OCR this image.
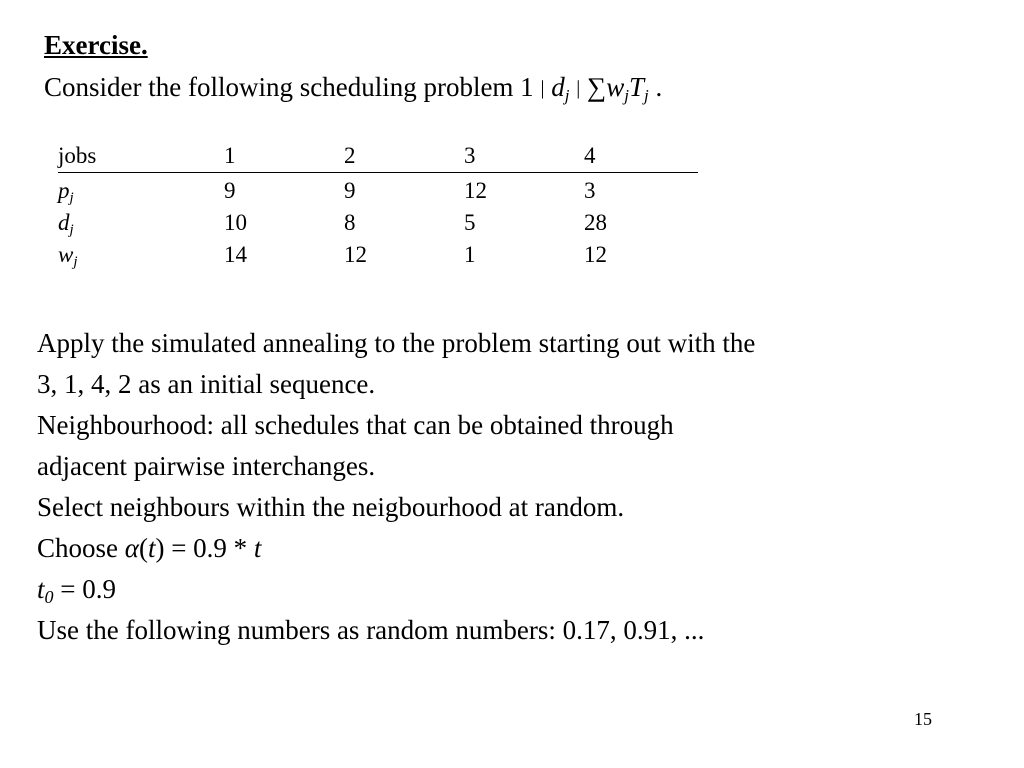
Exercise.
Consider the following scheduling problem 1 | $d_j$ | $\sum w_jT_j$ .
jobs	1	2	3	4
$p_j$	9	9	12	3
$d_j$	10	8	5	28
$w_j$	14	12	1	12
Apply the simulated annealing to the problem starting out with the
3, 1, 4, 2 as an initial sequence.
Neighbourhood: all schedules that can be obtained through
adjacent pairwise interchanges.
Select neighbours within the neigbourhood at random.
Choose α(t) = 0.9 * t
$t_0 = 0.9$
Use the following numbers as random numbers: 0.17, 0.91, ...
15
